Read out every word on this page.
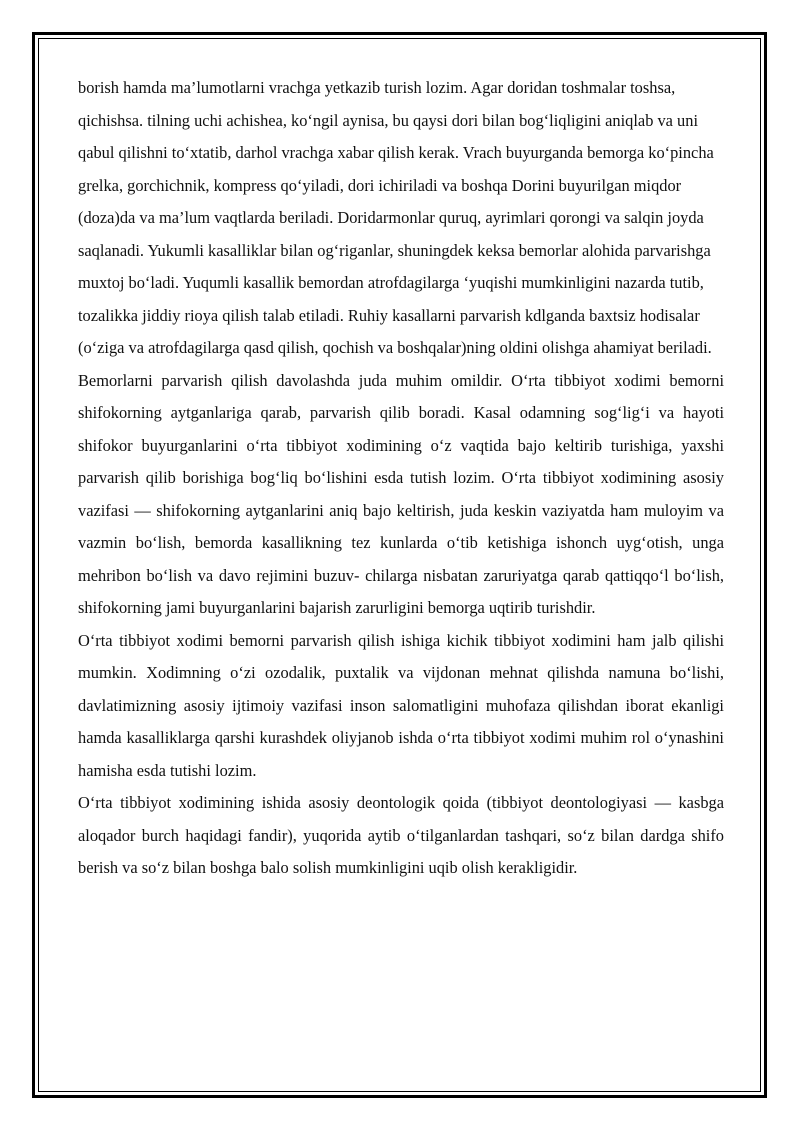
borish hamda ma’lumotlarni vrachga yetkazib turish lozim. Agar doridan toshmalar toshsa, qichishsa. tilning uchi achishea, ko‘ngil aynisa, bu qaysi dori bilan bog‘liqligini aniqlab va uni qabul qilishni to‘xtatib, darhol vrachga xabar qilish kerak. Vrach buyurganda bemorga ko‘pincha grelka, gorchichnik, kompress qo‘yiladi, dori ichiriladi va boshqa Dorini buyurilgan miqdor (doza)da va ma’lum vaqtlarda beriladi. Doridarmonlar quruq, ayrimlari qorongi va salqin joyda saqlanadi. Yukumli kasalliklar bilan og‘riganlar, shuningdek keksa bemorlar alohida parvarishga muxtoj bo‘ladi. Yuqumli kasallik bemordan atrofdagilarga ‘yuqishi mumkinligini nazarda tutib, tozalikka jiddiy rioya qilish talab etiladi. Ruhiy kasallarni parvarish kdlganda baxtsiz hodisalar (o‘ziga va atrofdagilarga qasd qilish, qochish va boshqalar)ning oldini olishga ahamiyat beriladi.

Bemorlarni parvarish qilish davolashda juda muhim omildir. O‘rta tibbiyot xodimi bemorni shifokorning aytganlariga qarab, parvarish qilib boradi. Kasal odamning sog‘lig‘i va hayoti shifokor buyurganlarini o‘rta tibbiyot xodimining o‘z vaqtida bajo keltirib turishiga, yaxshi parvarish qilib borishiga bog‘liq bo‘lishini esda tutish lozim. O‘rta tibbiyot xodimining asosiy vazifasi — shifokorning aytganlarini aniq bajo keltirish, juda keskin vaziyatda ham muloyim va vazmin bo‘lish, bemorda kasallikning tez kunlarda o‘tib ketishiga ishonch uyg‘otish, unga mehribon bo‘lish va davo rejimini buzuv- chilarga nisbatan zaruriyatga qarab qattiqqo‘l bo‘lish, shifokorning jami buyurganlarini bajarish zarurligini bemorga uqtirib turishdir.

O‘rta tibbiyot xodimi bemorni parvarish qilish ishiga kichik tibbiyot xodimini ham jalb qilishi mumkin. Xodimning o‘zi ozodalik, puxtalik va vijdonan mehnat qilishda namuna bo‘lishi, davlatimizning asosiy ijtimoiy vazifasi inson salomatligini muhofaza qilishdan iborat ekanligi hamda kasalliklarga qarshi kurashdek oliyjanob ishda o‘rta tibbiyot xodimi muhim rol o‘ynashini hamisha esda tutishi lozim.

O‘rta tibbiyot xodimining ishida asosiy deontologik qoida (tibbiyot deontologiyasi — kasbga aloqador burch haqidagi fandir), yuqorida aytib o‘tilganlardan tashqari, so‘z bilan dardga shifo berish va so‘z bilan boshga balo solish mumkinligini uqib olish kerakligidir.
